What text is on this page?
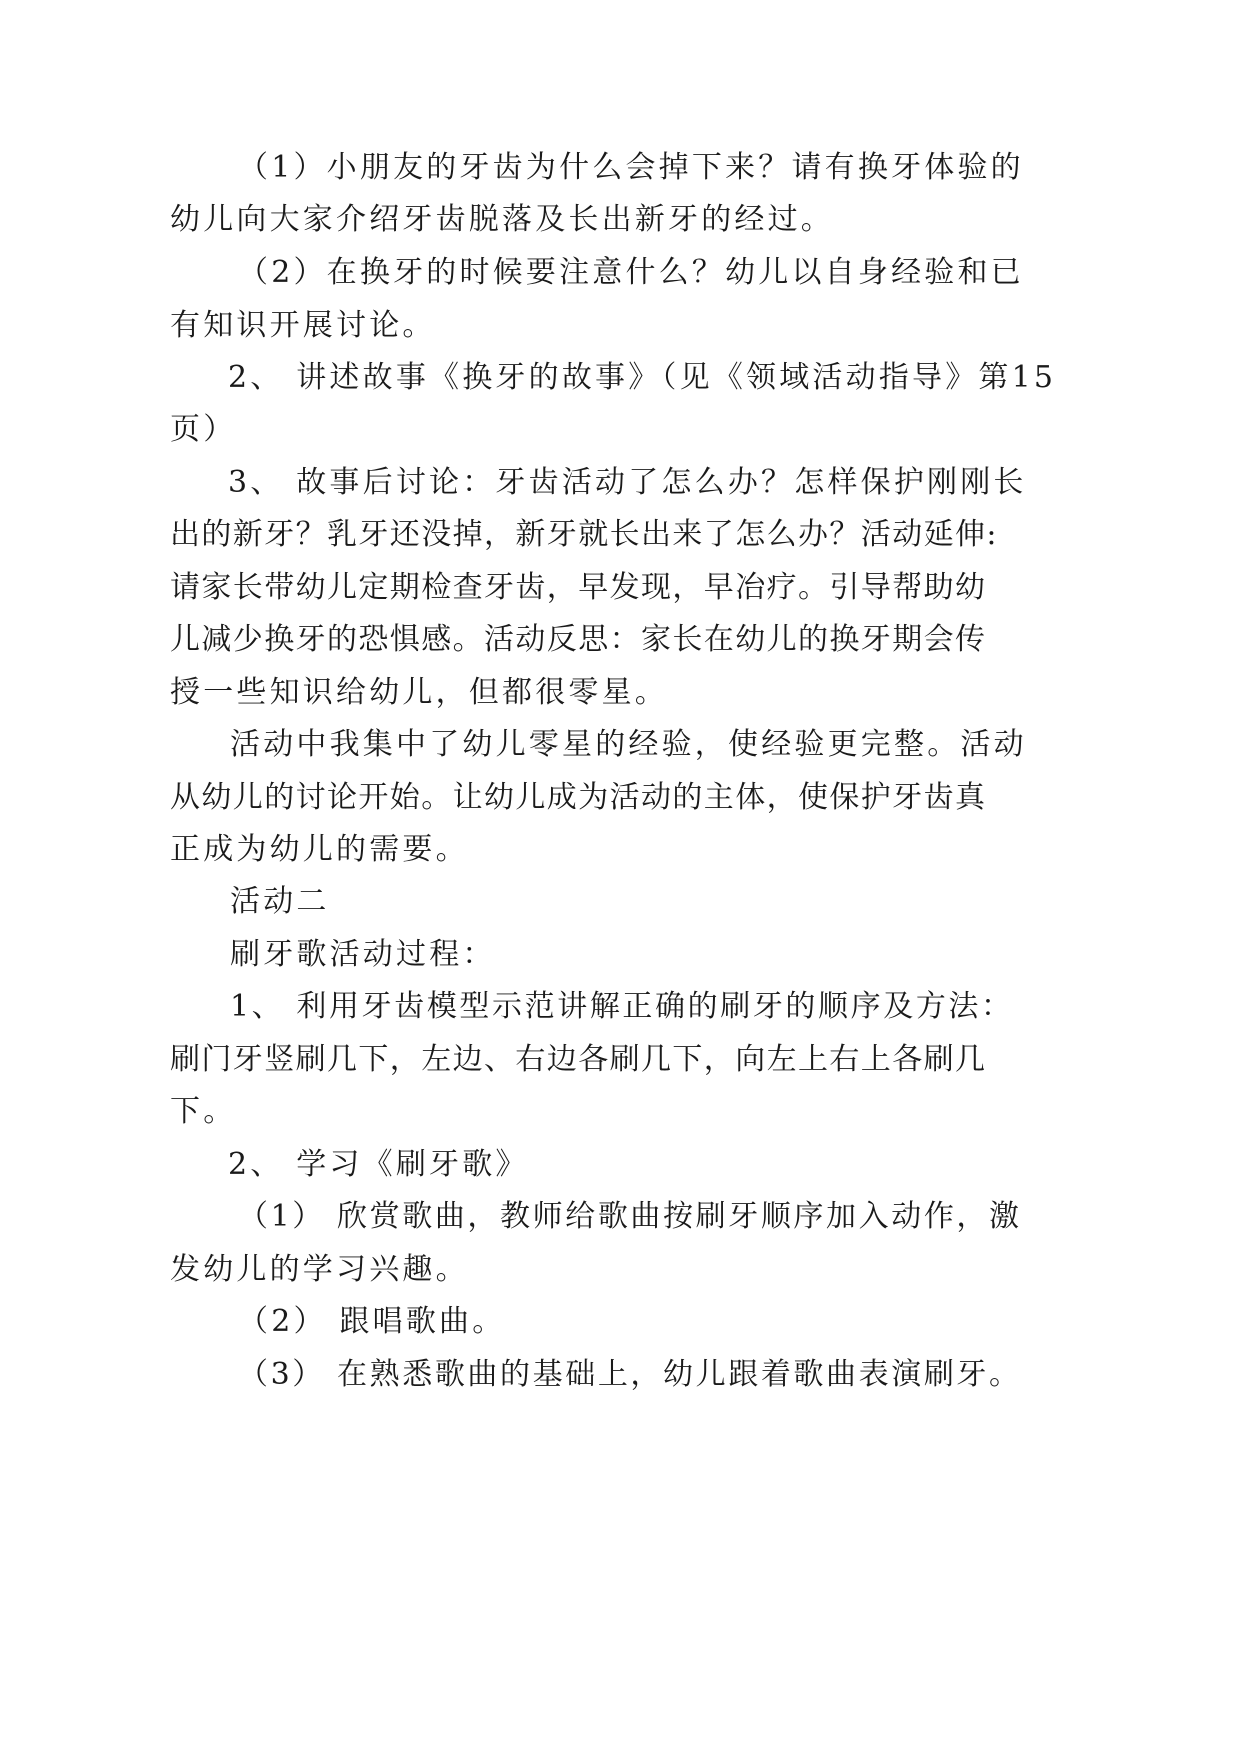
（1）小朋友的牙齿为什么会掉下来？请有换牙体验的
幼儿向大家介绍牙齿脱落及长出新牙的经过。
（2）在换牙的时候要注意什么？幼儿以自身经验和已
有知识开展讨论。
2、 讲述故事《换牙的故事》（见《领域活动指导》第15
页）
3、 故事后讨论：牙齿活动了怎么办？怎样保护刚刚长
出的新牙？乳牙还没掉，新牙就长出来了怎么办？活动延伸:
请家长带幼儿定期检查牙齿，早发现，早冶疗。引导帮助幼
儿减少换牙的恐惧感。活动反思：家长在幼儿的换牙期会传
授一些知识给幼儿，但都很零星。
活动中我集中了幼儿零星的经验，使经验更完整。活动
从幼儿的讨论开始。让幼儿成为活动的主体，使保护牙齿真
正成为幼儿的需要。
活动二
刷牙歌活动过程：
1、 利用牙齿模型示范讲解正确的刷牙的顺序及方法：
刷门牙竖刷几下，左边、右边各刷几下，向左上右上各刷几
下。
2、 学习《刷牙歌》
（1） 欣赏歌曲，教师给歌曲按刷牙顺序加入动作，激
发幼儿的学习兴趣。
（2） 跟唱歌曲。
（3） 在熟悉歌曲的基础上，幼儿跟着歌曲表演刷牙。
